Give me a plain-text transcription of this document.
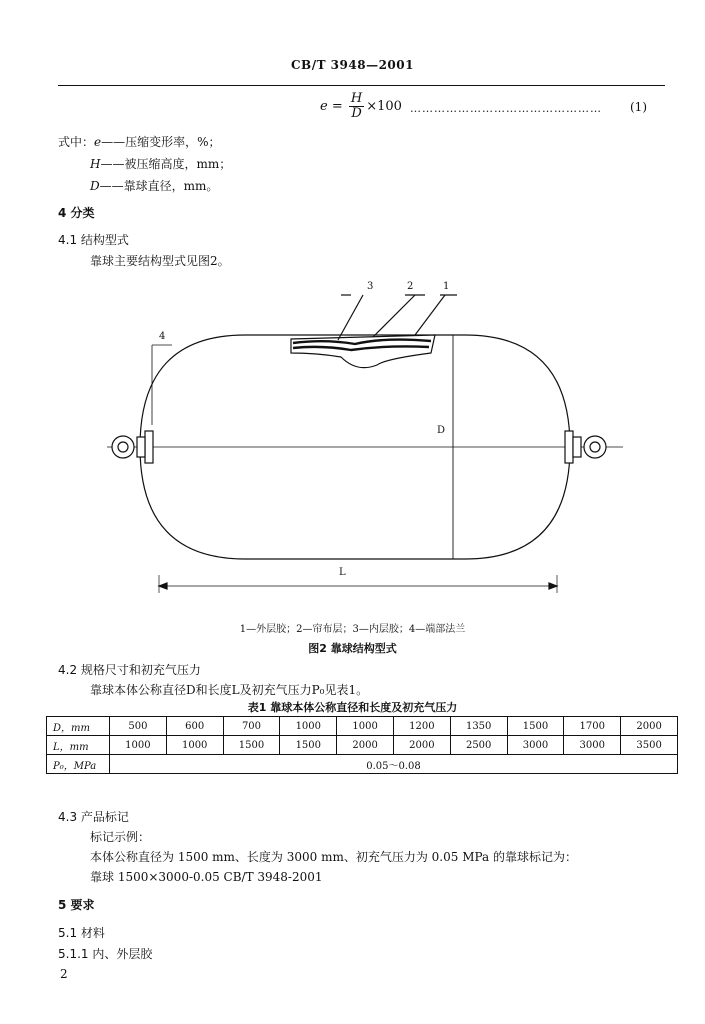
CB/T 3948—2001
$e = \frac{H}{D} \times 100$ ………………………………………… (1)
式中：e——压缩变形率，%；
H——被压缩高度，mm；
D——靠球直径，mm。
4 分类
4.1 结构型式
靠球主要结构型式见图2。
3	2	1
4
D
L
1—外层胶；2—帘布层；3—内层胶；4—端部法兰
图2 靠球结构型式
4.2 规格尺寸和初充气压力
靠球本体公称直径D和长度L及初充气压力P₀见表1。
表1 靠球本体公称直径和长度及初充气压力
D，mm	500	600	700	1000	1000	1200	1350	1500	1700	2000
L，mm	1000	1000	1500	1500	2000	2000	2500	3000	3000	3500
P₀，MPa	0.05～0.08									
4.3 产品标记
标记示例：
本体公称直径为 1500 mm、长度为 3000 mm、初充气压力为 0.05 MPa 的靠球标记为：
靠球 1500×3000-0.05 CB/T 3948-2001
5 要求
5.1 材料
5.1.1 内、外层胶
2
